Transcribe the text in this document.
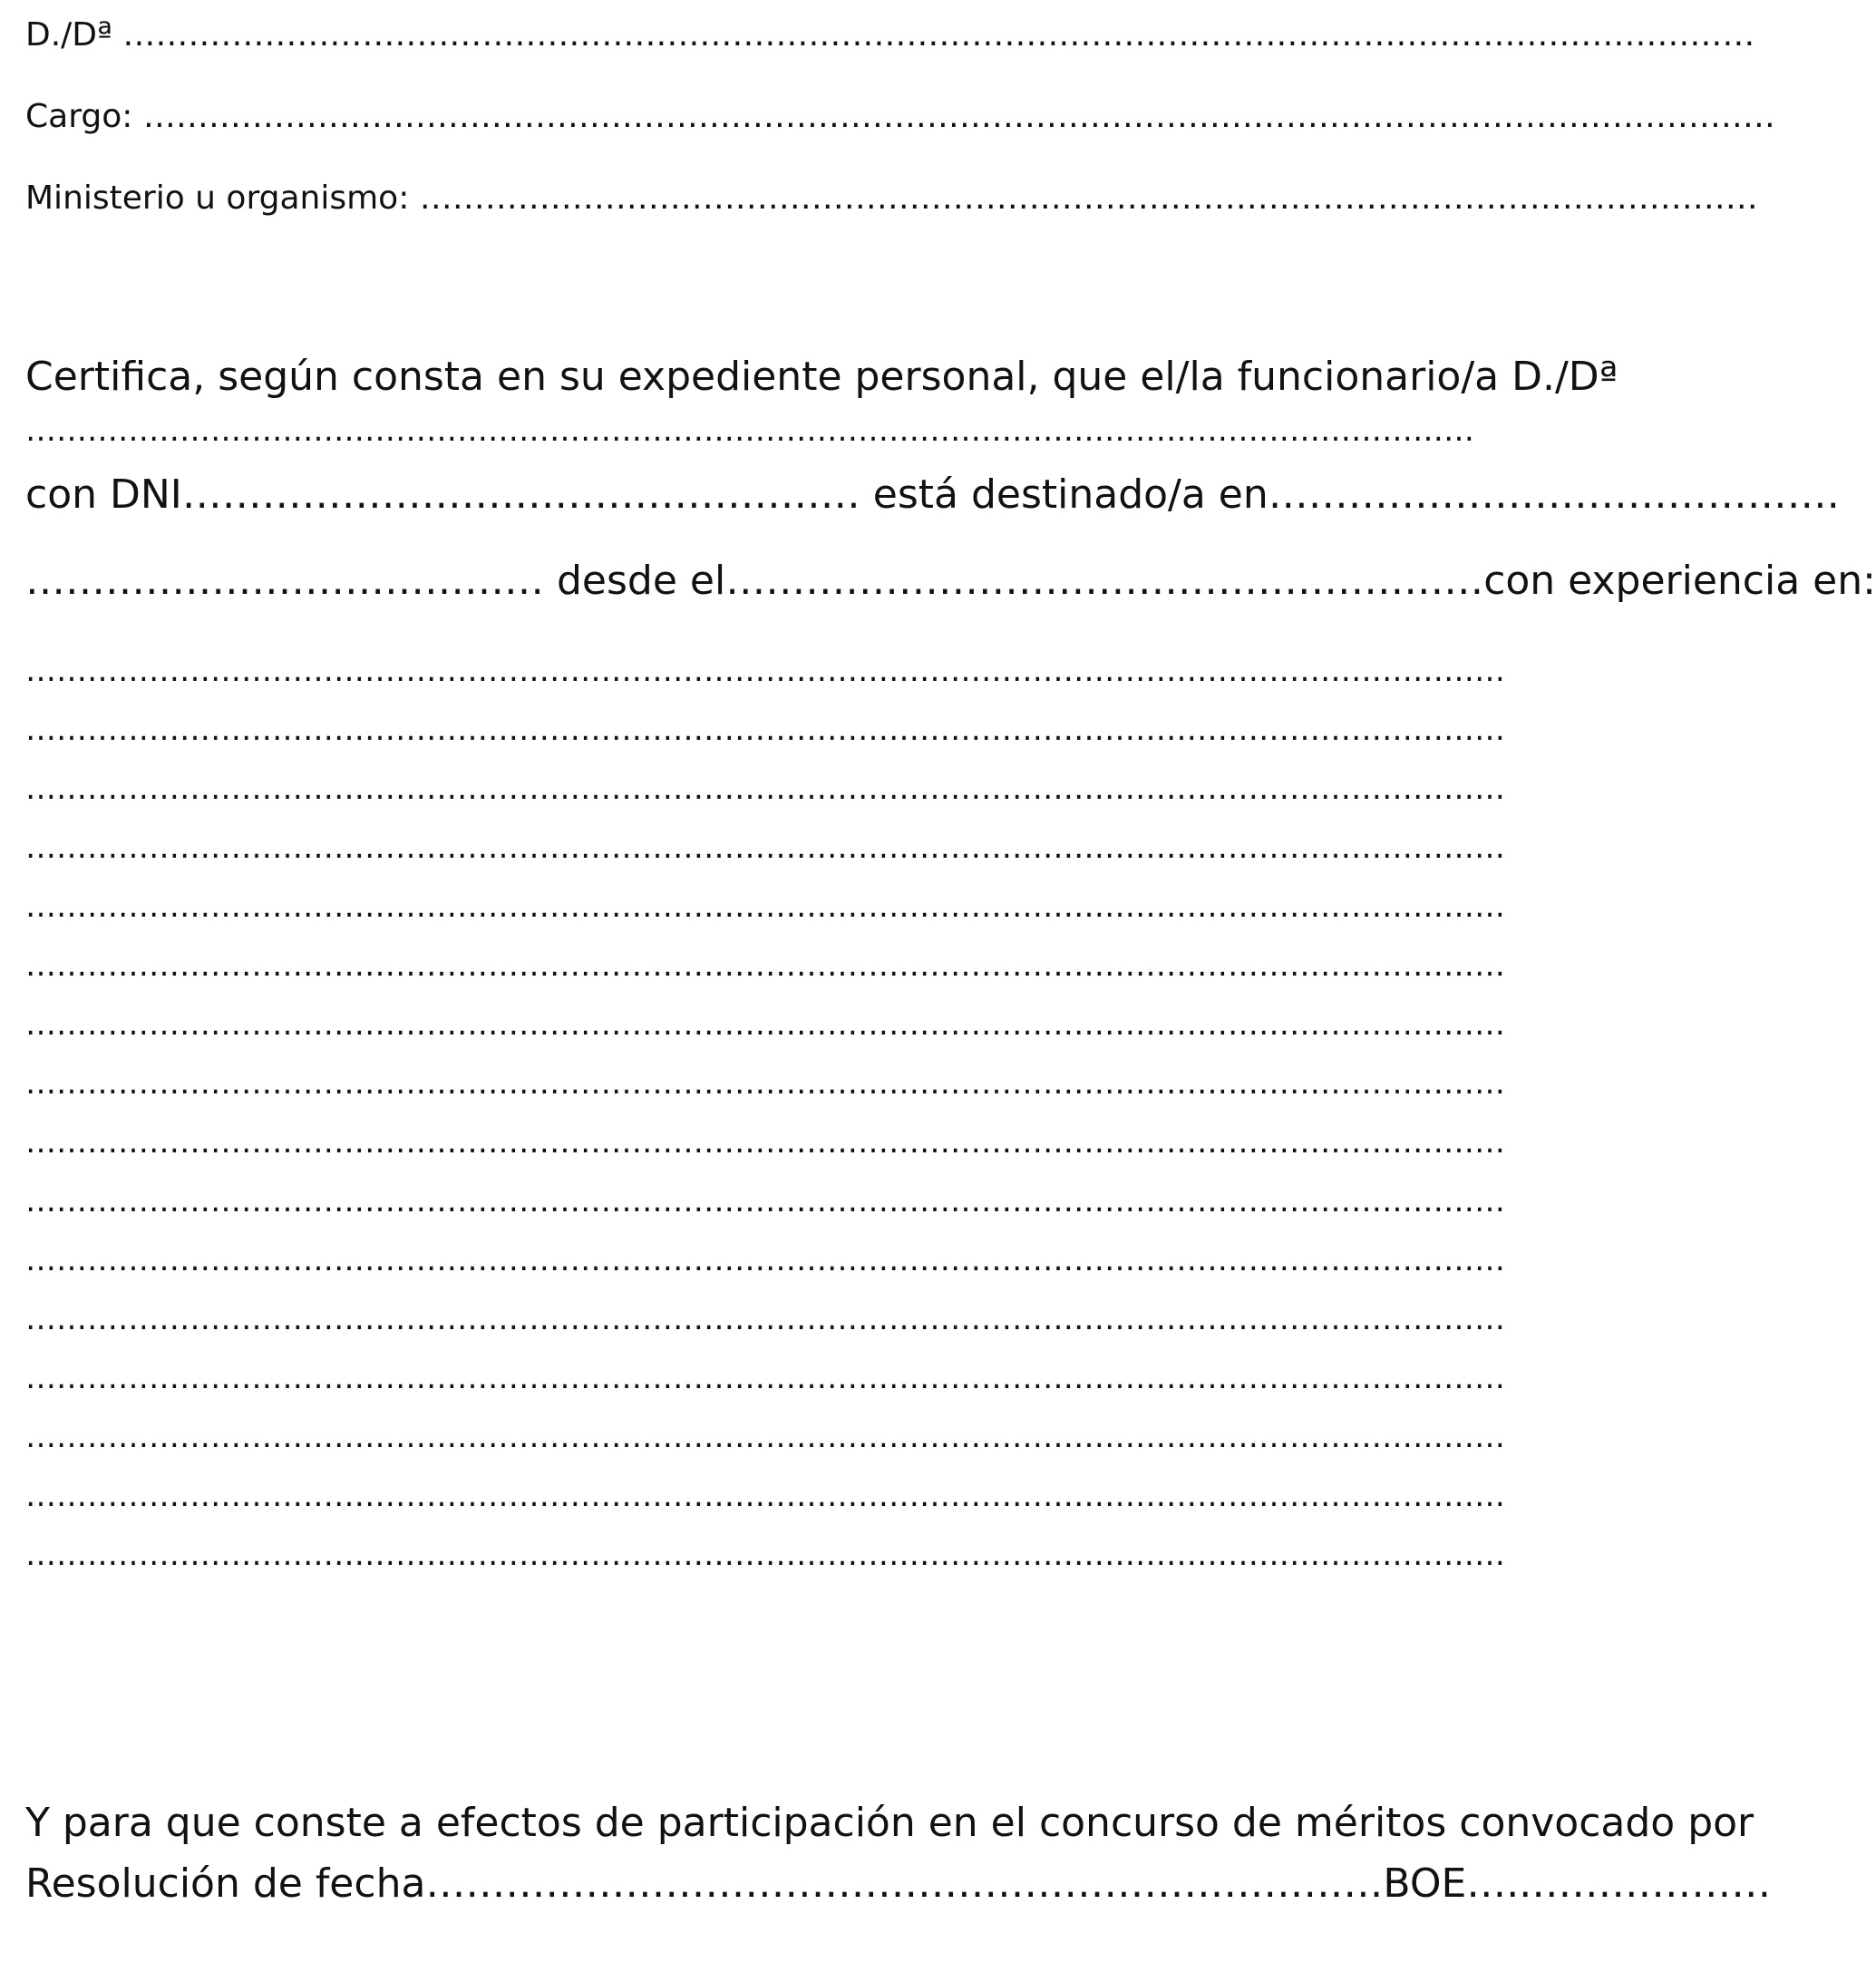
D./Dª ……………………………………………………………………………………………………………………………………
Cargo: ……………………………………………………………………………………………………………………………………
Ministerio u organismo: ……………………………………………………………………………………………………………
Certifica, según consta en su expediente personal, que el/la funcionario/a D./Dª
……………………………………………………………………………………………………………………………
con DNI…………………………………………… está destinado/a en…………………………………….
………………………………… desde el…………………………………………………con experiencia en:
………………………………………………………………………………………………………………………………
………………………………………………………………………………………………………………………………
………………………………………………………………………………………………………………………………
………………………………………………………………………………………………………………………………
………………………………………………………………………………………………………………………………
………………………………………………………………………………………………………………………………
………………………………………………………………………………………………………………………………
………………………………………………………………………………………………………………………………
………………………………………………………………………………………………………………………………
………………………………………………………………………………………………………………………………
………………………………………………………………………………………………………………………………
………………………………………………………………………………………………………………………………
………………………………………………………………………………………………………………………………
………………………………………………………………………………………………………………………………
………………………………………………………………………………………………………………………………
………………………………………………………………………………………………………………………………
Y para que conste a efectos de participación en el concurso de méritos convocado por
Resolución de fecha………………………………………………………………BOE…..………………
